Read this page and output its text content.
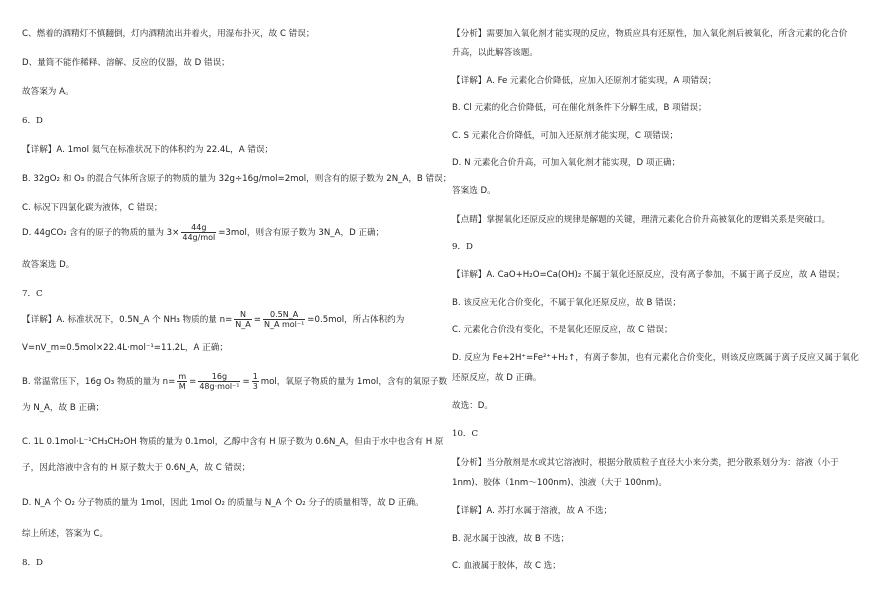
C、燃着的酒精灯不慎翻倒，灯内酒精流出并着火，用湿布扑灭，故 C 错误；
D、量筒不能作稀释、溶解、反应的仪器，故 D 错误；
故答案为 A。
6．D
【详解】A. 1mol 氦气在标准状况下的体积约为 22.4L，A 错误；
B. 32gO₂ 和 O₃ 的混合气体所含原子的物质的量为 32g÷16g/mol=2mol，则含有的原子数为 2N_A，B 错误；
C. 标况下四氯化碳为液体，C 错误；
D. 44gCO₂ 含有的原子的物质的量为 $3\times \frac{44g}{\text{44g/mol}} =3mol$，则含有原子数为 3N_A，D 正确；
故答案选 D。
7．C
【详解】A. 标准状况下，0.5N_A 个 NH₃ 物质的量 $n= \frac{N}{N\_A} = \frac{0.5N\_A}{\text{N\_A mol⁻¹}} =0.5mol$，所占体积约为
V=nV_m=0.5mol×22.4L·mol⁻¹=11.2L，A 正确；
B. 常温常压下，16g O₃ 物质的量为 $n= \frac{m}{M} = \frac{16g}{\text{48g·mol⁻¹}} = \frac{1}{3}$ mol，氧原子物质的量为 1mol，含有的氧原子数
为 N_A，故 B 正确；
C. 1L 0.1mol·L⁻¹CH₃CH₂OH 物质的量为 0.1mol，乙醇中含有 H 原子数为 0.6N_A，但由于水中也含有 H 原
子，因此溶液中含有的 H 原子数大于 0.6N_A，故 C 错误；
D. N_A 个 O₂ 分子物质的量为 1mol，因此 1mol O₂ 的质量与 N_A 个 O₂ 分子的质量相等，故 D 正确。
综上所述，答案为 C。
8．D
【分析】需要加入氧化剂才能实现的反应，物质应具有还原性，加入氧化剂后被氧化，所含元素的化合价
升高，以此解答该题。
【详解】A. Fe 元素化合价降低，应加入还原剂才能实现，A 项错误；
B. Cl 元素的化合价降低，可在催化剂条件下分解生成，B 项错误；
C. S 元素化合价降低，可加入还原剂才能实现，C 项错误；
D. N 元素化合价升高，可加入氧化剂才能实现，D 项正确；
答案选 D。
【点睛】掌握氧化还原反应的规律是解题的关键，理清元素化合价升高被氧化的逻辑关系是突破口。
9．D
【详解】A. CaO+H₂O=Ca(OH)₂ 不属于氧化还原反应，没有离子参加，不属于离子反应，故 A 错误；
B. 该反应无化合价变化，不属于氧化还原反应，故 B 错误；
C. 元素化合价没有变化，不是氧化还原反应，故 C 错误；
D. 反应为 Fe+2H⁺=Fe²⁺+H₂↑，有离子参加，也有元素化合价变化，则该反应既属于离子反应又属于氧化
还原反应，故 D 正确。
故选：D。
10．C
【分析】当分散剂是水或其它溶液时，根据分散质粒子直径大小来分类，把分散系划分为：溶液（小于
1nm)、胶体（1nm～100nm)、浊液（大于 100nm)。
【详解】A. 苏打水属于溶液，故 A 不选；
B. 泥水属于浊液，故 B 不选；
C. 血液属于胶体，故 C 选；
